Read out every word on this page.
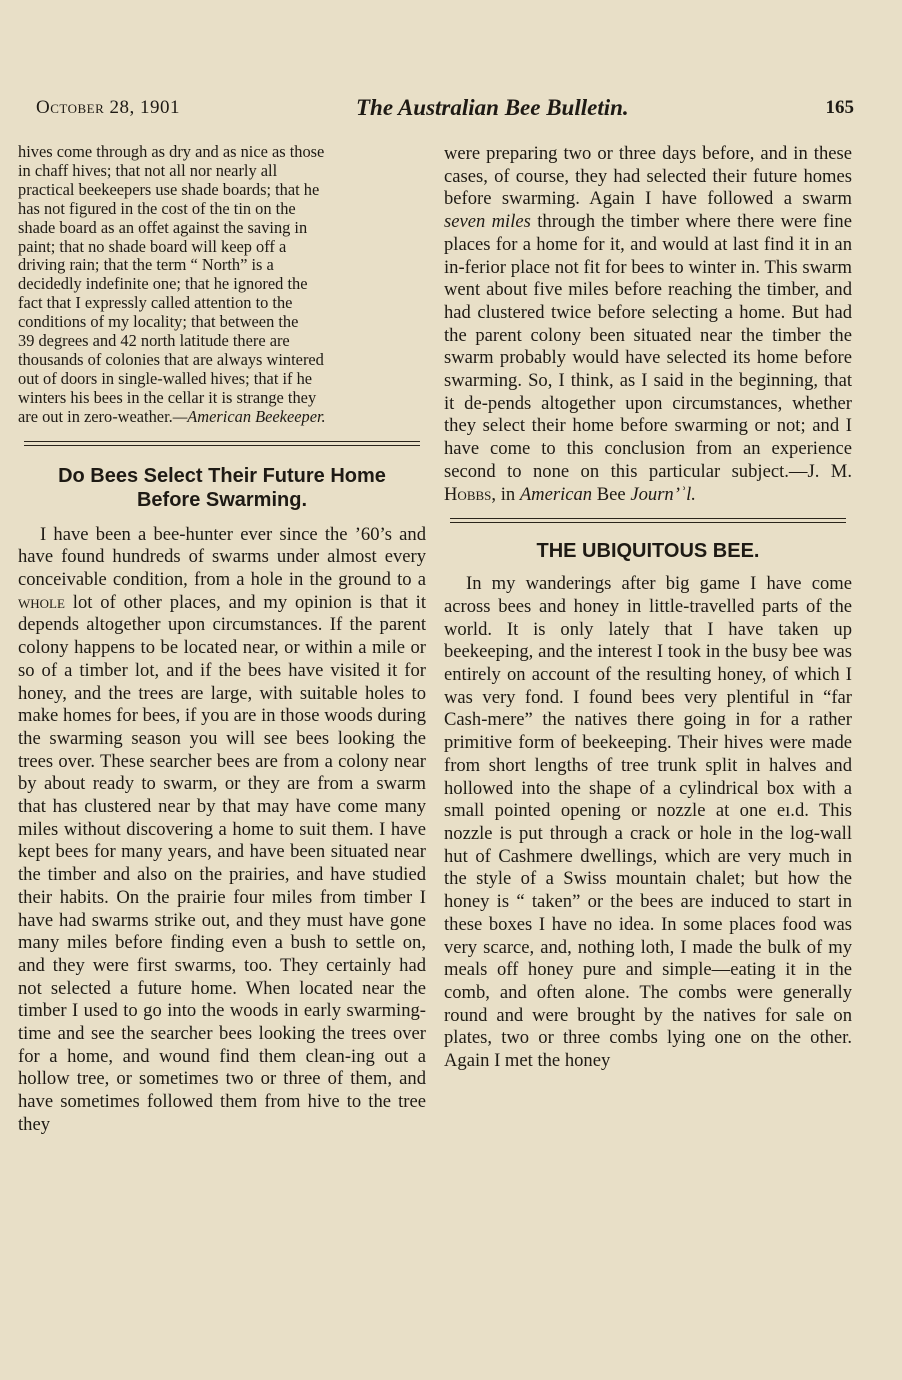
October 28, 1901	The Australian Bee Bulletin.	165

hives come through as dry and as nice as those

in chaff hives; that not all nor nearly all

practical beekeepers use shade boards; that he

has not figured in the cost of the tin on the

shade board as an offet against the saving in

paint; that no shade board will keep off a

driving rain; that the term “ North” is a

decidedly indefinite one; that he ignored the

fact that I expressly called attention to the

conditions of my locality; that between the

39 degrees and 42 north latitude there are

thousands of colonies that are always wintered

out of doors in single-walled hives; that if he

winters his bees in the cellar it is strange they

are out in zero-weather.—American Beekeeper.

Do Bees Select Their Future Home

Before Swarming.

I have been a bee-hunter ever since the ’60’s and have found hundreds of swarms under almost every conceivable condition, from a hole in the ground to a whole lot of other places, and my opinion is that it depends altogether upon circumstances. If the parent colony happens to be located near, or within a mile or so of a timber lot, and if the bees have visited it for honey, and the trees are large, with suitable holes to make homes for bees, if you are in those woods during the swarming season you will see bees looking the trees over. These searcher bees are from a colony near by about ready to swarm, or they are from a swarm that has clustered near by that may have come many miles without discovering a home to suit them. I have kept bees for many years, and have been situated near the timber and also on the prairies, and have studied their habits. On the prairie four miles from timber I have had swarms strike out, and they must have gone many miles before finding even a bush to settle on, and they were first swarms, too. They certainly had not selected a future home. When located near the timber I used to go into the woods in early swarming-time and see the searcher bees looking the trees over for a home, and wound find them clean-ing out a hollow tree, or sometimes two or three of them, and have sometimes followed them from hive to the tree they

were preparing two or three days before, and in these cases, of course, they had selected their future homes before swarming. Again I have followed a swarm seven miles through the timber where there were fine places for a home for it, and would at last find it in an in-ferior place not fit for bees to winter in. This swarm went about five miles before reaching the timber, and had clustered twice before selecting a home. But had the parent colony been situated near the timber the swarm probably would have selected its home before swarming. So, I think, as I said in the beginning, that it de-pends altogether upon circumstances, whether they select their home before swarming or not; and I have come to this conclusion from an experience second to none on this particular subject.—J. M. Hobbs, in American Bee Journ’ʾl.

THE UBIQUITOUS BEE.

In my wanderings after big game I have come across bees and honey in little-travelled parts of the world. It is only lately that I have taken up beekeeping, and the interest I took in the busy bee was entirely on account of the resulting honey, of which I was very fond. I found bees very plentiful in “far Cash-mere” the natives there going in for a rather primitive form of beekeeping. Their hives were made from short lengths of tree trunk split in halves and hollowed into the shape of a cylindrical box with a small pointed opening or nozzle at one eı.d. This nozzle is put through a crack or hole in the log-wall hut of Cashmere dwellings, which are very much in the style of a Swiss mountain chalet; but how the honey is “ taken” or the bees are induced to start in these boxes I have no idea. In some places food was very scarce, and, nothing loth, I made the bulk of my meals off honey pure and simple—eating it in the comb, and often alone. The combs were generally round and were brought by the natives for sale on plates, two or three combs lying one on the other. Again I met the honey
